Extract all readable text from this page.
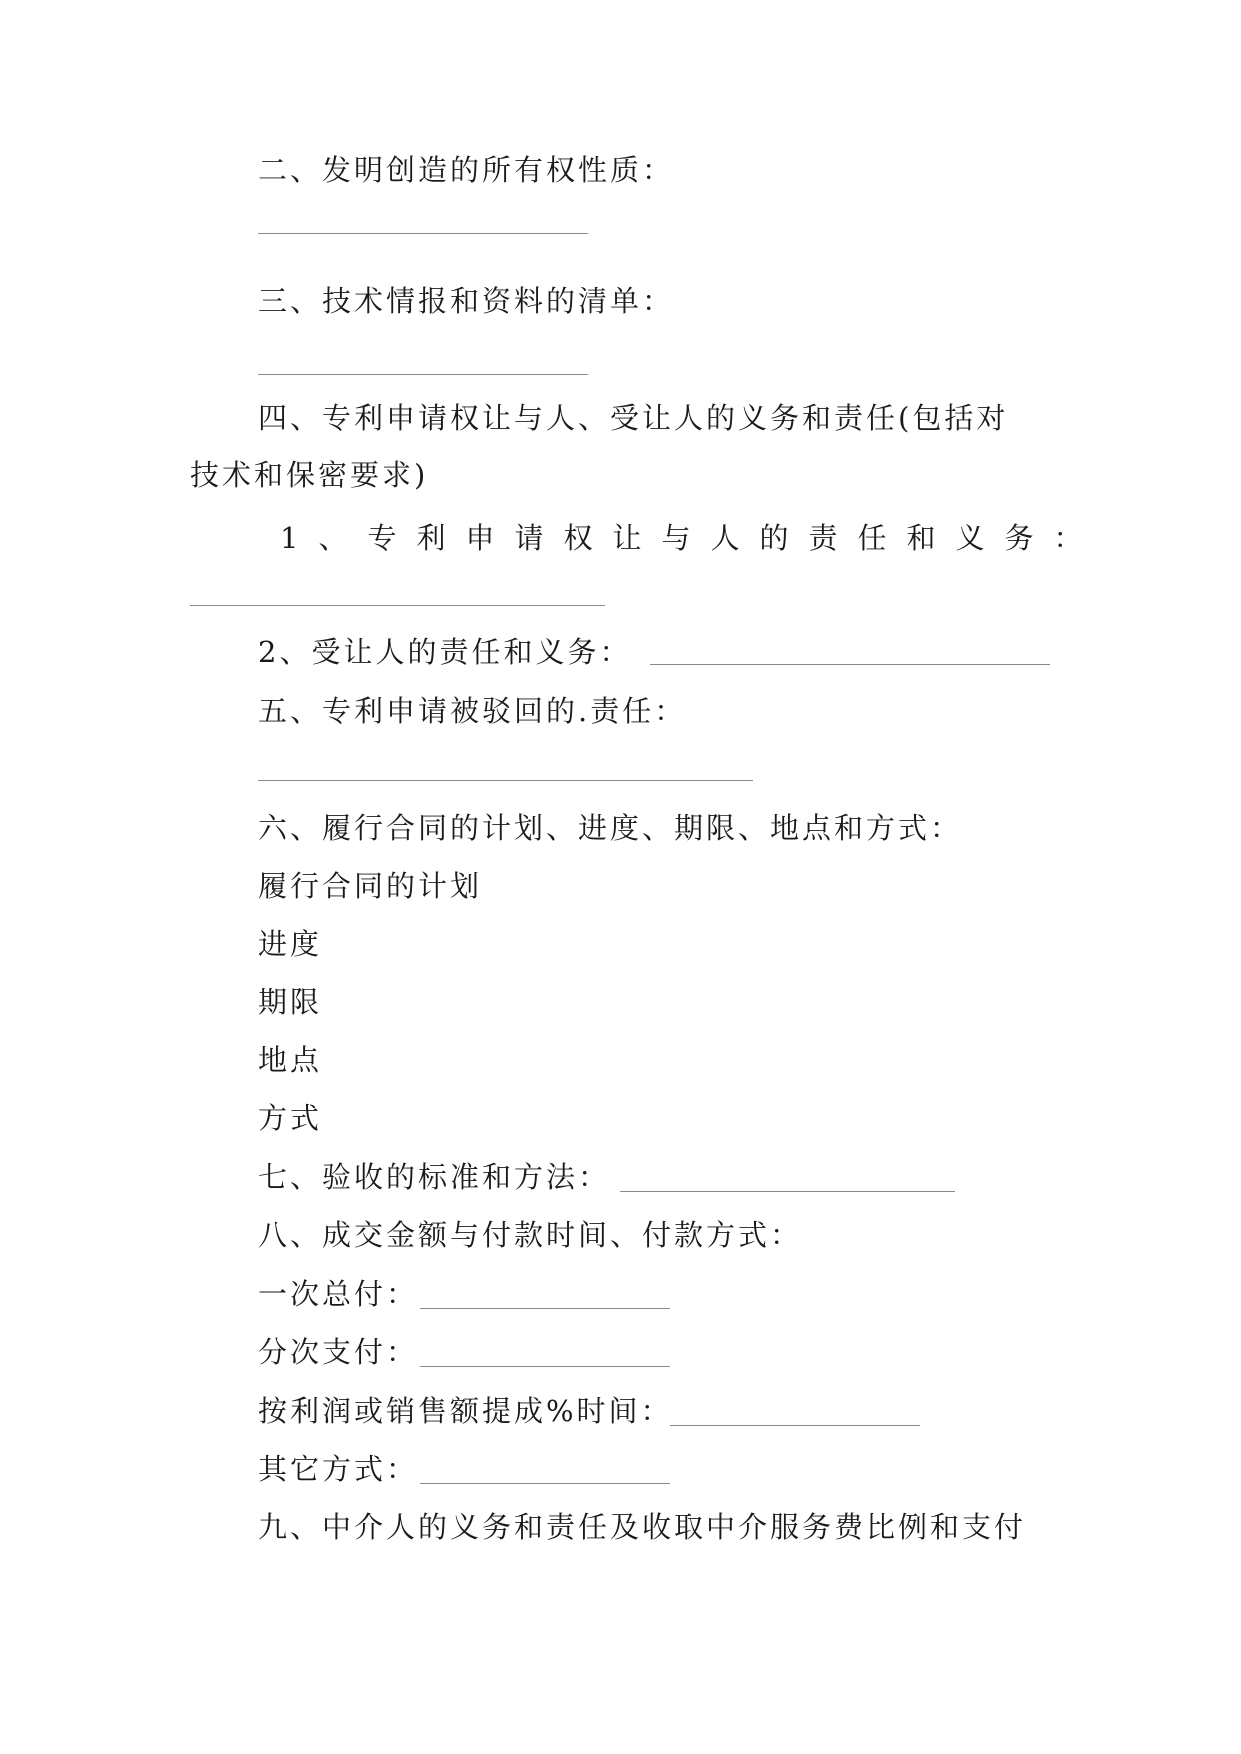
二、发明创造的所有权性质：
三、技术情报和资料的清单：
四、专利申请权让与人、受让人的义务和责任(包括对
技术和保密要求)
1、专利申请权让与人的责任和义务：
2、受让人的责任和义务：
五、专利申请被驳回的.责任：
六、履行合同的计划、进度、期限、地点和方式：
履行合同的计划
进度
期限
地点
方式
七、验收的标准和方法：
八、成交金额与付款时间、付款方式：
一次总付：
分次支付：
按利润或销售额提成%时间：
其它方式：
九、中介人的义务和责任及收取中介服务费比例和支付
